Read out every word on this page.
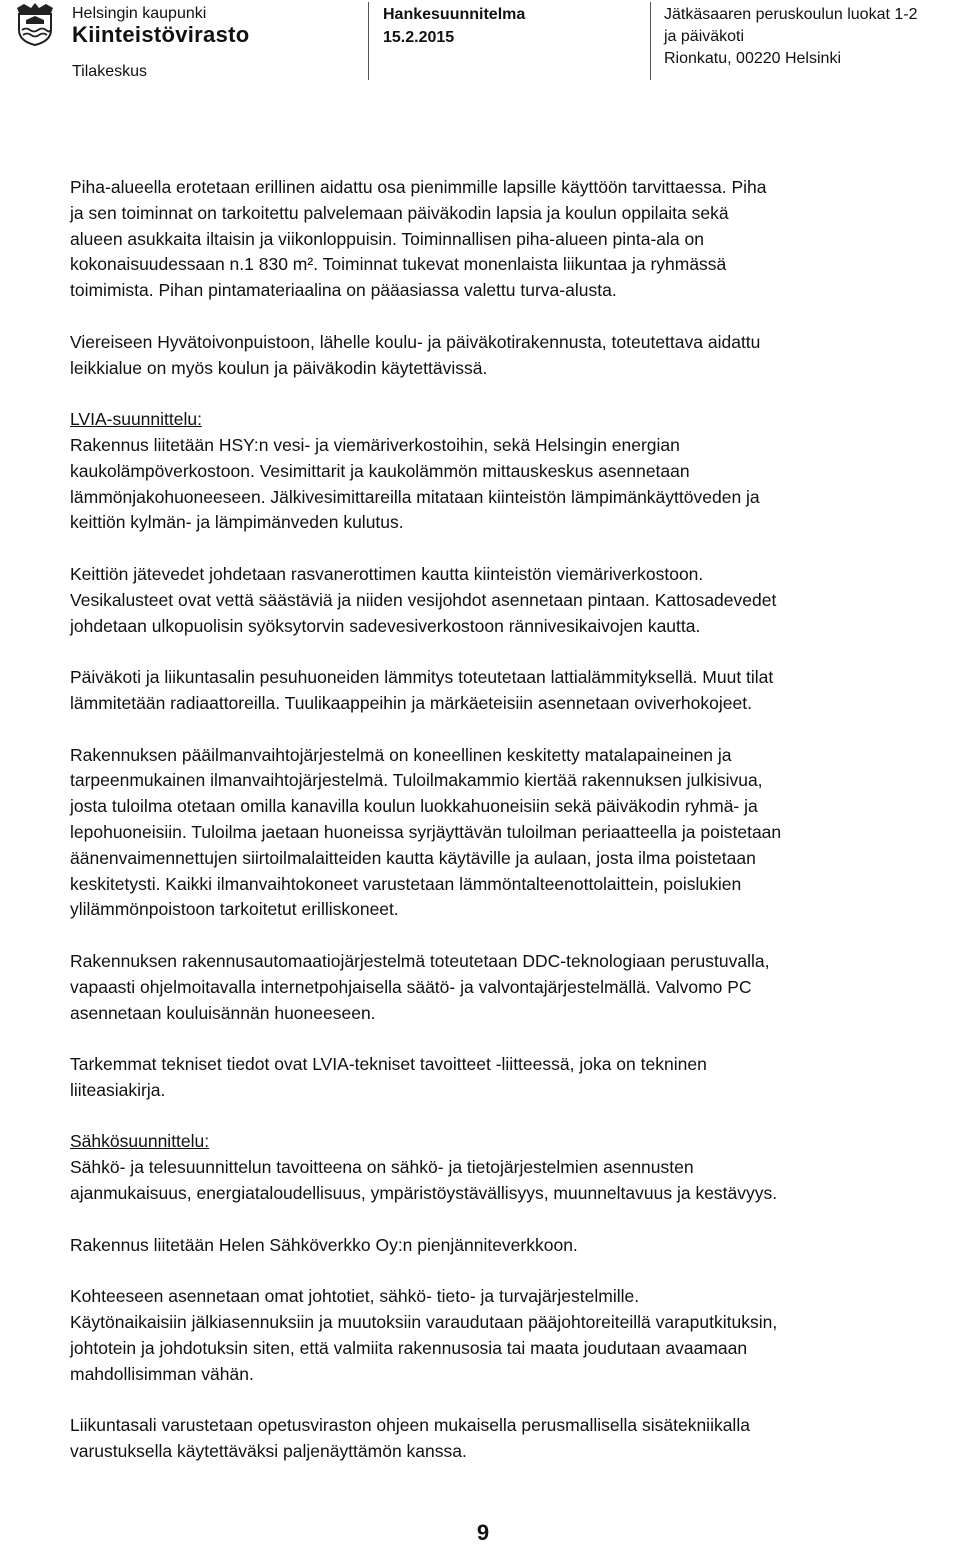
Helsingin kaupunki
Kiinteistövirasto
Tilakeskus
Hankesuunnitelma
15.2.2015
Jätkäsaaren peruskoulun luokat 1-2
ja päiväkoti
Rionkatu, 00220 Helsinki

Piha-alueella erotetaan erillinen aidattu osa pienimmille lapsille käyttöön tarvittaessa. Piha
ja sen toiminnat on tarkoitettu palvelemaan päiväkodin lapsia ja koulun oppilaita sekä
alueen asukkaita iltaisin ja viikonloppuisin. Toiminnallisen piha-alueen pinta-ala on
kokonaisuudessaan n.1 830 m². Toiminnat tukevat monenlaista liikuntaa ja ryhmässä
toimimista. Pihan pintamateriaalina on pääasiassa valettu turva-alusta.

Viereiseen Hyvätoivonpuistoon, lähelle koulu- ja päiväkotirakennusta, toteutettava aidattu
leikkialue on myös koulun ja päiväkodin käytettävissä.

LVIA-suunnittelu:

Rakennus liitetään HSY:n vesi- ja viemäriverkostoihin, sekä Helsingin energian
kaukolämpöverkostoon. Vesimittarit ja kaukolämmön mittauskeskus asennetaan
lämmönjakohuoneeseen. Jälkivesimittareilla mitataan kiinteistön lämpimänkäyttöveden ja
keittiön kylmän- ja lämpimänveden kulutus.

Keittiön jätevedet johdetaan rasvanerottimen kautta kiinteistön viemäriverkostoon.
Vesikalusteet ovat vettä säästäviä ja niiden vesijohdot asennetaan pintaan. Kattosadevedet
johdetaan ulkopuolisin syöksytorvin sadevesiverkostoon rännivesikaivojen kautta.

Päiväkoti ja liikuntasalin pesuhuoneiden lämmitys toteutetaan lattialämmityksellä. Muut tilat
lämmitetään radiaattoreilla. Tuulikaappeihin ja märkäeteisiin asennetaan oviverhokojeet.

Rakennuksen pääilmanvaihtojärjestelmä on koneellinen keskitetty matalapaineinen ja
tarpeenmukainen ilmanvaihtojärjestelmä. Tuloilmakammio kiertää rakennuksen julkisivua,
josta tuloilma otetaan omilla kanavilla koulun luokkahuoneisiin sekä päiväkodin ryhmä- ja
lepohuoneisiin. Tuloilma jaetaan huoneissa syrjäyttävän tuloilman periaatteella ja poistetaan
äänenvaimennettujen siirtoilmalaitteiden kautta käytäville ja aulaan, josta ilma poistetaan
keskitetysti. Kaikki ilmanvaihtokoneet varustetaan lämmöntalteenottolaittein, poislukien
ylilämmönpoistoon tarkoitetut erilliskoneet.

Rakennuksen rakennusautomaatiojärjestelmä toteutetaan DDC-teknologiaan perustuvalla,
vapaasti ohjelmoitavalla internetpohjaisella säätö- ja valvontajärjestelmällä. Valvomo PC
asennetaan kouluisännän huoneeseen.

Tarkemmat tekniset tiedot ovat LVIA-tekniset tavoitteet -liitteessä, joka on tekninen
liiteasiakirja.

Sähkösuunnittelu:

Sähkö- ja telesuunnittelun tavoitteena on sähkö- ja tietojärjestelmien asennusten
ajanmukaisuus, energiataloudellisuus, ympäristöystävällisyys, muunneltavuus ja kestävyys.

Rakennus liitetään Helen Sähköverkko Oy:n pienjänniteverkkoon.

Kohteeseen asennetaan omat johtotiet, sähkö- tieto- ja turvajärjestelmille.
Käytönaikaisiin jälkiasennuksiin ja muutoksiin varaudutaan pääjohtoreiteillä varaputkituksin,
johtotein ja johdotuksin siten, että valmiita rakennusosia tai maata joudutaan avaamaan
mahdollisimman vähän.

Liikuntasali varustetaan opetusviraston ohjeen mukaisella perusmallisella sisätekniikalla
varustuksella käytettäväksi paljenäyttämön kanssa.

9
